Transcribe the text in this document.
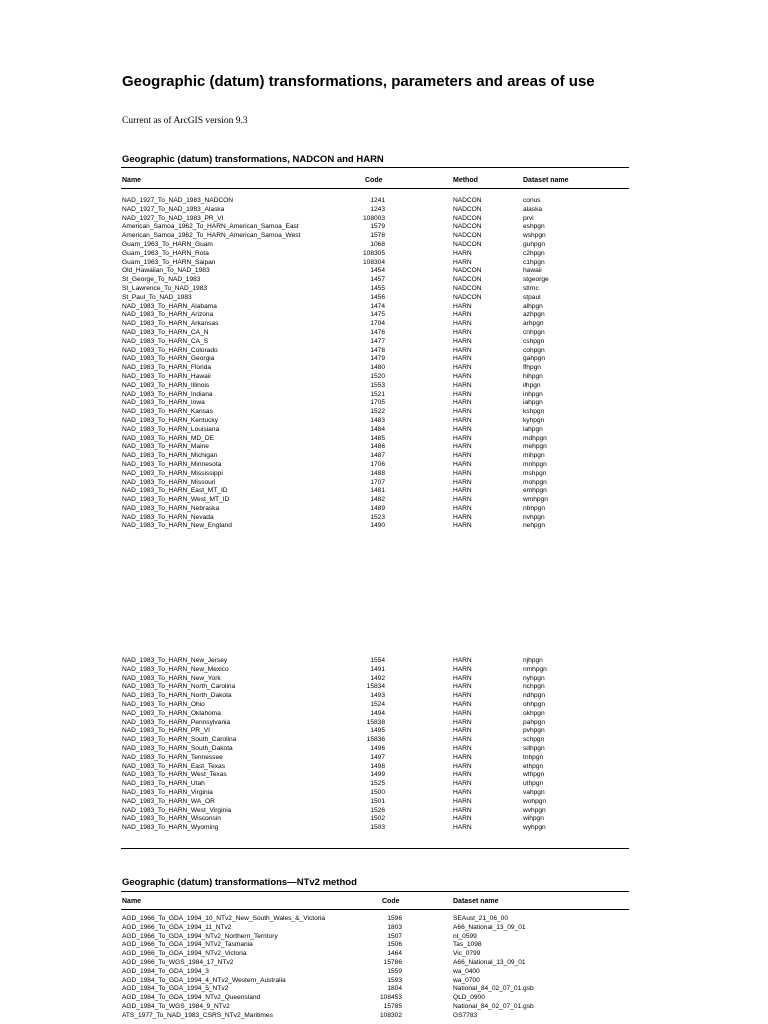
Geographic (datum) transformations, parameters and areas of use

Current as of ArcGIS version 9.3

Geographic (datum) transformations, NADCON and HARN
Name	Code	Method	Dataset name
NAD_1927_To_NAD_1983_NADCON	1241	NADCON	conus
NAD_1927_To_NAD_1983_Alaska	1243	NADCON	alaska
NAD_1927_To_NAD_1983_PR_VI	108003	NADCON	prvi
American_Samoa_1962_To_HARN_American_Samoa_East	1579	NADCON	eshpgn
American_Samoa_1962_To_HARN_American_Samoa_West	1578	NADCON	wshpgn
Guam_1963_To_HARN_Guam	1068	NADCON	guhpgn
Guam_1963_To_HARN_Rota	108305	HARN	c2hpgn
Guam_1963_To_HARN_Saipan	108304	HARN	c1hpgn
Old_Hawaiian_To_NAD_1983	1454	NADCON	hawaii
St_George_To_NAD_1983	1457	NADCON	stgeorge
St_Lawrence_To_NAD_1983	1455	NADCON	stlrnc
St_Paul_To_NAD_1983	1456	NADCON	stpaul
NAD_1983_To_HARN_Alabama	1474	HARN	alhpgn
NAD_1983_To_HARN_Arizona	1475	HARN	azhpgn
NAD_1983_To_HARN_Arkansas	1704	HARN	arhpgn
NAD_1983_To_HARN_CA_N	1476	HARN	cnhpgn
NAD_1983_To_HARN_CA_S	1477	HARN	cshpgn
NAD_1983_To_HARN_Colorado	1478	HARN	cohpgn
NAD_1983_To_HARN_Georgia	1479	HARN	gahpgn
NAD_1983_To_HARN_Florida	1480	HARN	flhpgn
NAD_1983_To_HARN_Hawaii	1520	HARN	hihpgn
NAD_1983_To_HARN_Illinois	1553	HARN	ilhpgn
NAD_1983_To_HARN_Indiana	1521	HARN	inhpgn
NAD_1983_To_HARN_Iowa	1705	HARN	iahpgn
NAD_1983_To_HARN_Kansas	1522	HARN	kshpgn
NAD_1983_To_HARN_Kentucky	1483	HARN	kyhpgn
NAD_1983_To_HARN_Louisiana	1484	HARN	lahpgn
NAD_1983_To_HARN_MD_DE	1485	HARN	mdhpgn
NAD_1983_To_HARN_Maine	1486	HARN	mehpgn
NAD_1983_To_HARN_Michigan	1487	HARN	mihpgn
NAD_1983_To_HARN_Minnesota	1706	HARN	mnhpgn
NAD_1983_To_HARN_Mississippi	1488	HARN	mshpgn
NAD_1983_To_HARN_Missouri	1707	HARN	mohpgn
NAD_1983_To_HARN_East_MT_ID	1481	HARN	emhpgn
NAD_1983_To_HARN_West_MT_ID	1482	HARN	wmhpgn
NAD_1983_To_HARN_Nebraska	1489	HARN	nbhpgn
NAD_1983_To_HARN_Nevada	1523	HARN	nvhpgn
NAD_1983_To_HARN_New_England	1490	HARN	nehpgn
NAD_1983_To_HARN_New_Jersey	1554	HARN	njhpgn
NAD_1983_To_HARN_New_Mexico	1491	HARN	nmhpgn
NAD_1983_To_HARN_New_York	1492	HARN	nyhpgn
NAD_1983_To_HARN_North_Carolina	15834	HARN	nchpgn
NAD_1983_To_HARN_North_Dakota	1493	HARN	ndhpgn
NAD_1983_To_HARN_Ohio	1524	HARN	ohhpgn
NAD_1983_To_HARN_Oklahoma	1494	HARN	okhpgn
NAD_1983_To_HARN_Pennsylvania	15838	HARN	pahpgn
NAD_1983_To_HARN_PR_VI	1495	HARN	pvhpgn
NAD_1983_To_HARN_South_Carolina	15836	HARN	schpgn
NAD_1983_To_HARN_South_Dakota	1496	HARN	sdhpgn
NAD_1983_To_HARN_Tennessee	1497	HARN	tnhpgn
NAD_1983_To_HARN_East_Texas	1498	HARN	ethpgn
NAD_1983_To_HARN_West_Texas	1499	HARN	wthpgn
NAD_1983_To_HARN_Utah	1525	HARN	uthpgn
NAD_1983_To_HARN_Virginia	1500	HARN	vahpgn
NAD_1983_To_HARN_WA_OR	1501	HARN	wohpgn
NAD_1983_To_HARN_West_Virginia	1526	HARN	wvhpgn
NAD_1983_To_HARN_Wisconsin	1502	HARN	wihpgn
NAD_1983_To_HARN_Wyoming	1503	HARN	wyhpgn
Geographic (datum) transformations—NTv2 method
Name	Code	Dataset name
AGD_1966_To_GDA_1994_10_NTv2_New_South_Wales_&_Victoria	1596	SEAust_21_06_00
AGD_1966_To_GDA_1994_11_NTv2	1803	A66_National_13_09_01
AGD_1966_To_GDA_1994_NTv2_Northern_Territory	1507	nt_0599
AGD_1966_To_GDA_1994_NTv2_Tasmania	1506	Tas_1098
AGD_1966_To_GDA_1994_NTv2_Victoria	1464	Vic_0799
AGD_1966_To_WGS_1984_17_NTv2	15786	A66_National_13_09_01
AGD_1984_To_GDA_1994_3	1559	wa_0400
AGD_1984_To_GDA_1994_4_NTv2_Western_Australia	1593	wa_0700
AGD_1984_To_GDA_1994_5_NTv2	1804	National_84_02_07_01.gsb
AGD_1984_To_GDA_1994_NTv2_Queensland	108453	QLD_0900
AGD_1984_To_WGS_1984_9_NTv2	15785	National_84_02_07_01.gsb
ATS_1977_To_NAD_1983_CSRS_NTv2_Maritimes	108302	GS7783
